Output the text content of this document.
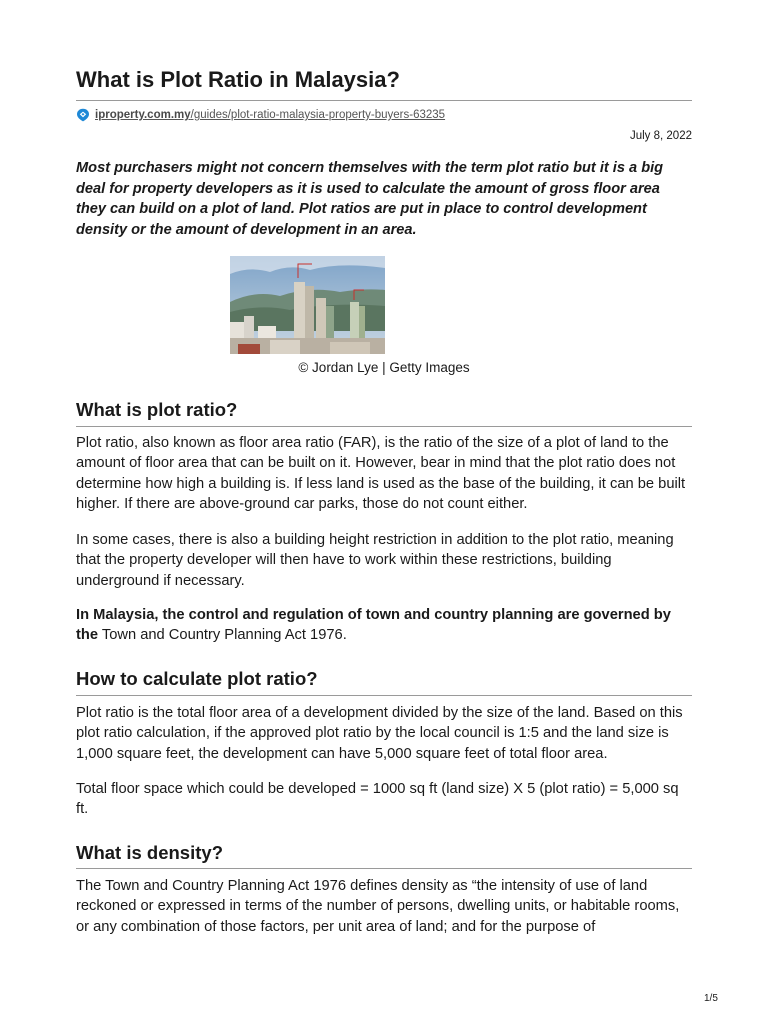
What is Plot Ratio in Malaysia?
iproperty.com.my/guides/plot-ratio-malaysia-property-buyers-63235
July 8, 2022

Most purchasers might not concern themselves with the term plot ratio but it is a big deal for property developers as it is used to calculate the amount of gross floor area they can build on a plot of land. Plot ratios are put in place to control development density or the amount of development in an area.

© Jordan Lye | Getty Images
What is plot ratio?

Plot ratio, also known as floor area ratio (FAR), is the ratio of the size of a plot of land to the amount of floor area that can be built on it. However, bear in mind that the plot ratio does not determine how high a building is. If less land is used as the base of the building, it can be built higher. If there are above-ground car parks, those do not count either.

In some cases, there is also a building height restriction in addition to the plot ratio, meaning that the property developer will then have to work within these restrictions, building underground if necessary.

In Malaysia, the control and regulation of town and country planning are governed by the Town and Country Planning Act 1976.

How to calculate plot ratio?

Plot ratio is the total floor area of a development divided by the size of the land. Based on this plot ratio calculation, if the approved plot ratio by the local council is 1:5 and the land size is 1,000 square feet, the development can have 5,000 square feet of total floor area.

Total floor space which could be developed = 1000 sq ft (land size) X 5 (plot ratio) = 5,000 sq ft.

What is density?

The Town and Country Planning Act 1976 defines density as “the intensity of use of land reckoned or expressed in terms of the number of persons, dwelling units, or habitable rooms, or any combination of those factors, per unit area of land; and for the purpose of

1/5
